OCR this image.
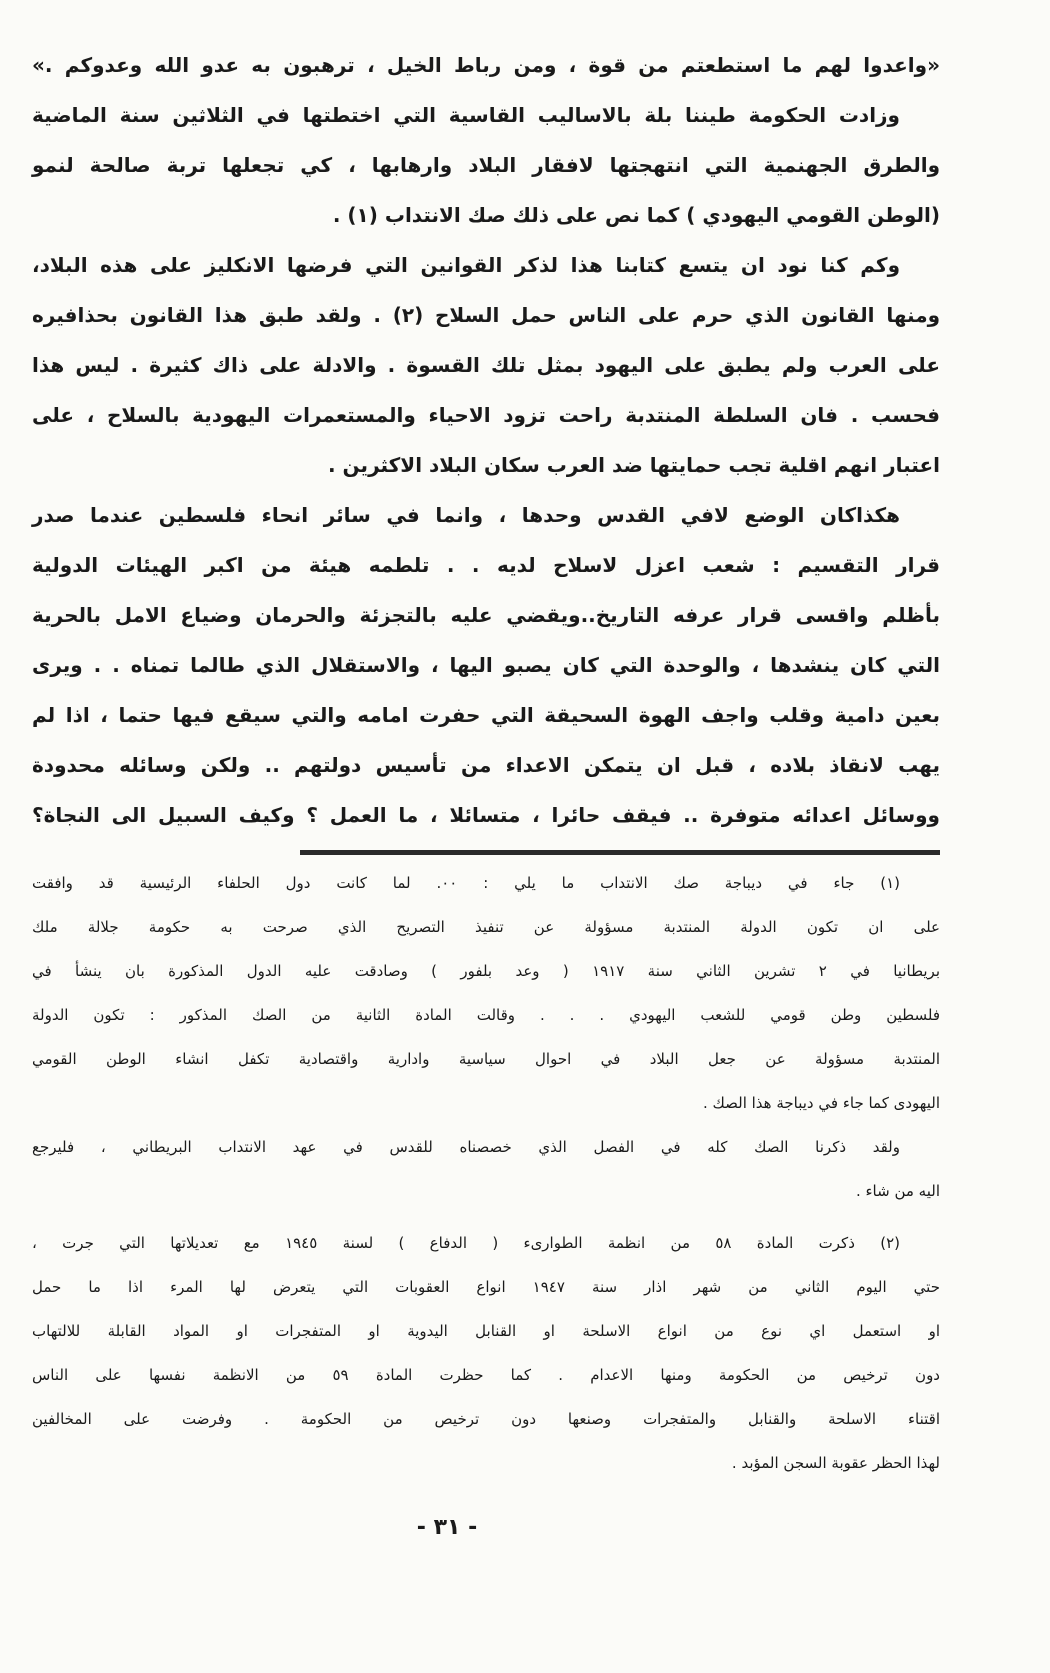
«واعدوا لهم ما استطعتم من قوة ، ومن رباط الخيل ، ترهبون به عدو الله وعدوكم .»
وزادت الحكومة طيننا بلة بالاساليب القاسية التي اختطتها في الثلاثين سنة الماضية
والطرق الجهنمية التي انتهجتها لافقار البلاد وارهابها ، كي تجعلها تربة صالحة لنمو
(الوطن القومي اليهودي ) كما نص على ذلك صك الانتداب (١) .
وكم كنا نود ان يتسع كتابنا هذا لذكر القوانين التي فرضها الانكليز على هذه البلاد،
ومنها القانون الذي حرم على الناس حمل السلاح (٢) . ولقد طبق هذا القانون بحذافيره
على العرب ولم يطبق على اليهود بمثل تلك القسوة . والادلة على ذاك كثيرة . ليس هذا
فحسب . فان السلطة المنتدبة راحت تزود الاحياء والمستعمرات اليهودية بالسلاح ، على
اعتبار انهم اقلية تجب حمايتها ضد العرب سكان البلاد الاكثرين .
هكذاكان الوضع لافي القدس وحدها ، وانما في سائر انحاء فلسطين عندما صدر
قرار التقسيم : شعب اعزل لاسلاح لديه . . تلطمه هيئة من اكبر الهيئات الدولية
بأظلم واقسى قرار عرفه التاريخ..ويقضي عليه بالتجزئة والحرمان وضياع الامل بالحرية
التي كان ينشدها ، والوحدة التي كان يصبو اليها ، والاستقلال الذي طالما تمناه . . ويرى
بعين دامية وقلب واجف الهوة السحيقة التي حفرت امامه والتي سيقع فيها حتما ، اذا لم
يهب لانقاذ بلاده ، قبل ان يتمكن الاعداء من تأسيس دولتهم .. ولكن وسائله محدودة
ووسائل اعدائه متوفرة .. فيقف حائرا ، متسائلا ، ما العمل ؟ وكيف السبيل الى النجاة؟
(١) جاء في ديباجة صك الانتداب ما يلي : ٠٠. لما كانت دول الحلفاء الرئيسية قد وافقت
على ان تكون الدولة المنتدبة مسؤولة عن تنفيذ التصريح الذي صرحت به حكومة جلالة ملك
بريطانيا في ٢ تشرين الثاني سنة ١٩١٧ ( وعد بلفور ) وصادقت عليه الدول المذكورة بان ينشأ في
فلسطين وطن قومي للشعب اليهودي . . . وقالت المادة الثانية من الصك المذكور : تكون الدولة
المنتدبة مسؤولة عن جعل البلاد في احوال سياسية وادارية واقتصادية تكفل انشاء الوطن القومي
اليهودى كما جاء في ديباجة هذا الصك .
ولقد ذكرنا الصك كله في الفصل الذي خصصناه للقدس في عهد الانتداب البريطاني ، فليرجع
اليه من شاء .
(٢) ذكرت المادة ٥٨ من انظمة الطوارىء ( الدفاع ) لسنة ١٩٤٥ مع تعديلاتها التي جرت ،
حتي اليوم الثاني من شهر اذار سنة ١٩٤٧ انواع العقوبات التي يتعرض لها المرء اذا ما حمل
او استعمل اي نوع من انواع الاسلحة او القنابل اليدوية او المتفجرات او المواد القابلة للالتهاب
دون ترخيص من الحكومة ومنها الاعدام . كما حظرت المادة ٥٩ من الانظمة نفسها على الناس
اقتناء الاسلحة والقنابل والمتفجرات وصنعها دون ترخيص من الحكومة . وفرضت على المخالفين
لهذا الحظر عقوبة السجن المؤبد .
- ٣١ -
